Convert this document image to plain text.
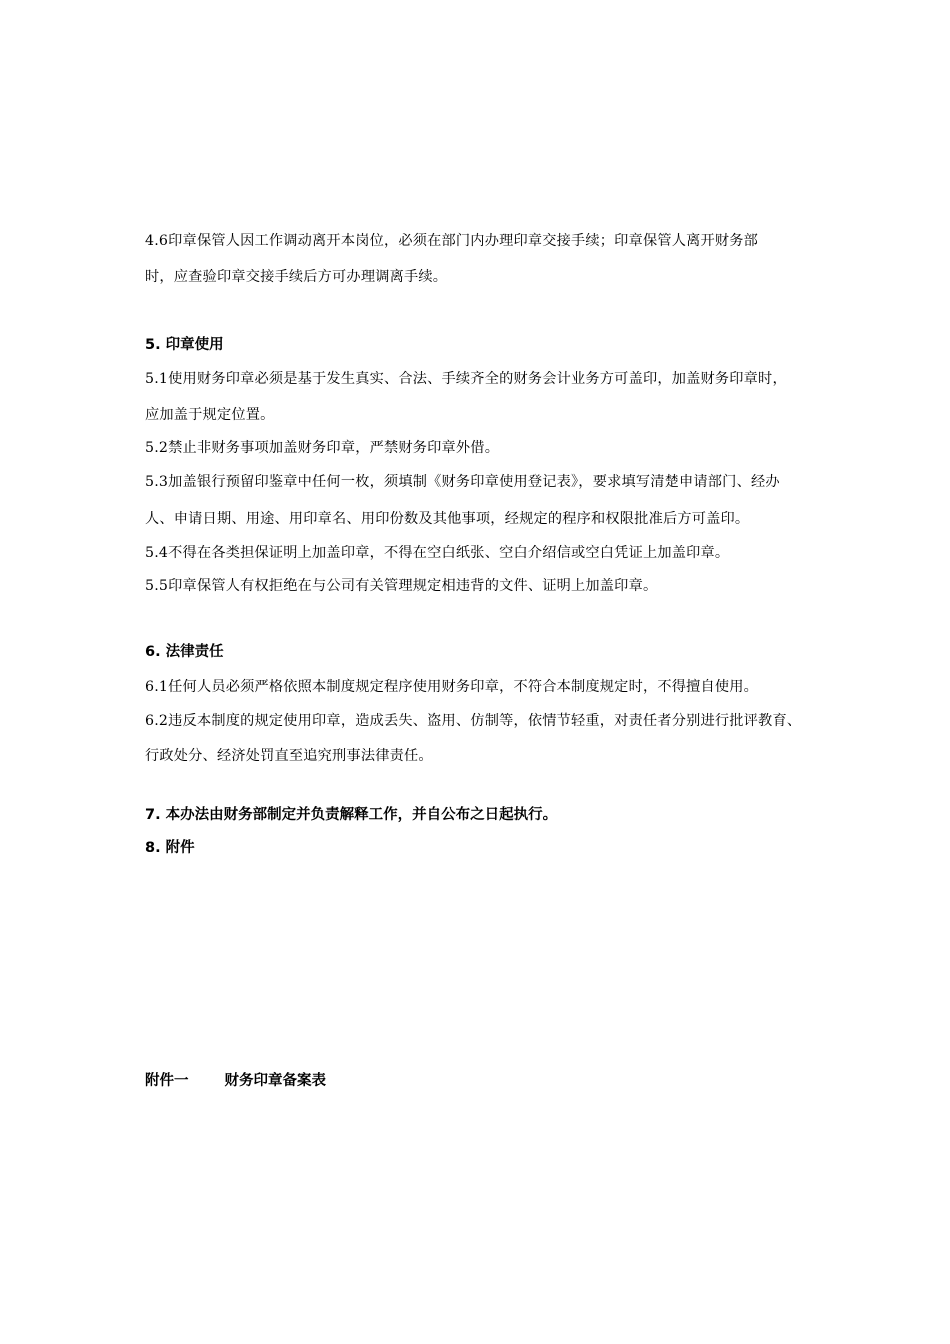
4.6印章保管人因工作调动离开本岗位，必须在部门内办理印章交接手续；印章保管人离开财务部
时，应查验印章交接手续后方可办理调离手续。
5. 印章使用
5.1使用财务印章必须是基于发生真实、合法、手续齐全的财务会计业务方可盖印，加盖财务印章时，
应加盖于规定位置。
5.2禁止非财务事项加盖财务印章，严禁财务印章外借。
5.3加盖银行预留印鉴章中任何一枚，须填制《财务印章使用登记表》，要求填写清楚申请部门、经办
人、申请日期、用途、用印章名、用印份数及其他事项，经规定的程序和权限批准后方可盖印。
5.4不得在各类担保证明上加盖印章，不得在空白纸张、空白介绍信或空白凭证上加盖印章。
5.5印章保管人有权拒绝在与公司有关管理规定相违背的文件、证明上加盖印章。
6. 法律责任
6.1任何人员必须严格依照本制度规定程序使用财务印章，不符合本制度规定时，不得擅自使用。
6.2违反本制度的规定使用印章，造成丢失、盗用、仿制等，依情节轻重，对责任者分别进行批评教育、
行政处分、经济处罚直至追究刑事法律责任。
7. 本办法由财务部制定并负责解释工作，并自公布之日起执行。
8. 附件
附件一 财务印章备案表
